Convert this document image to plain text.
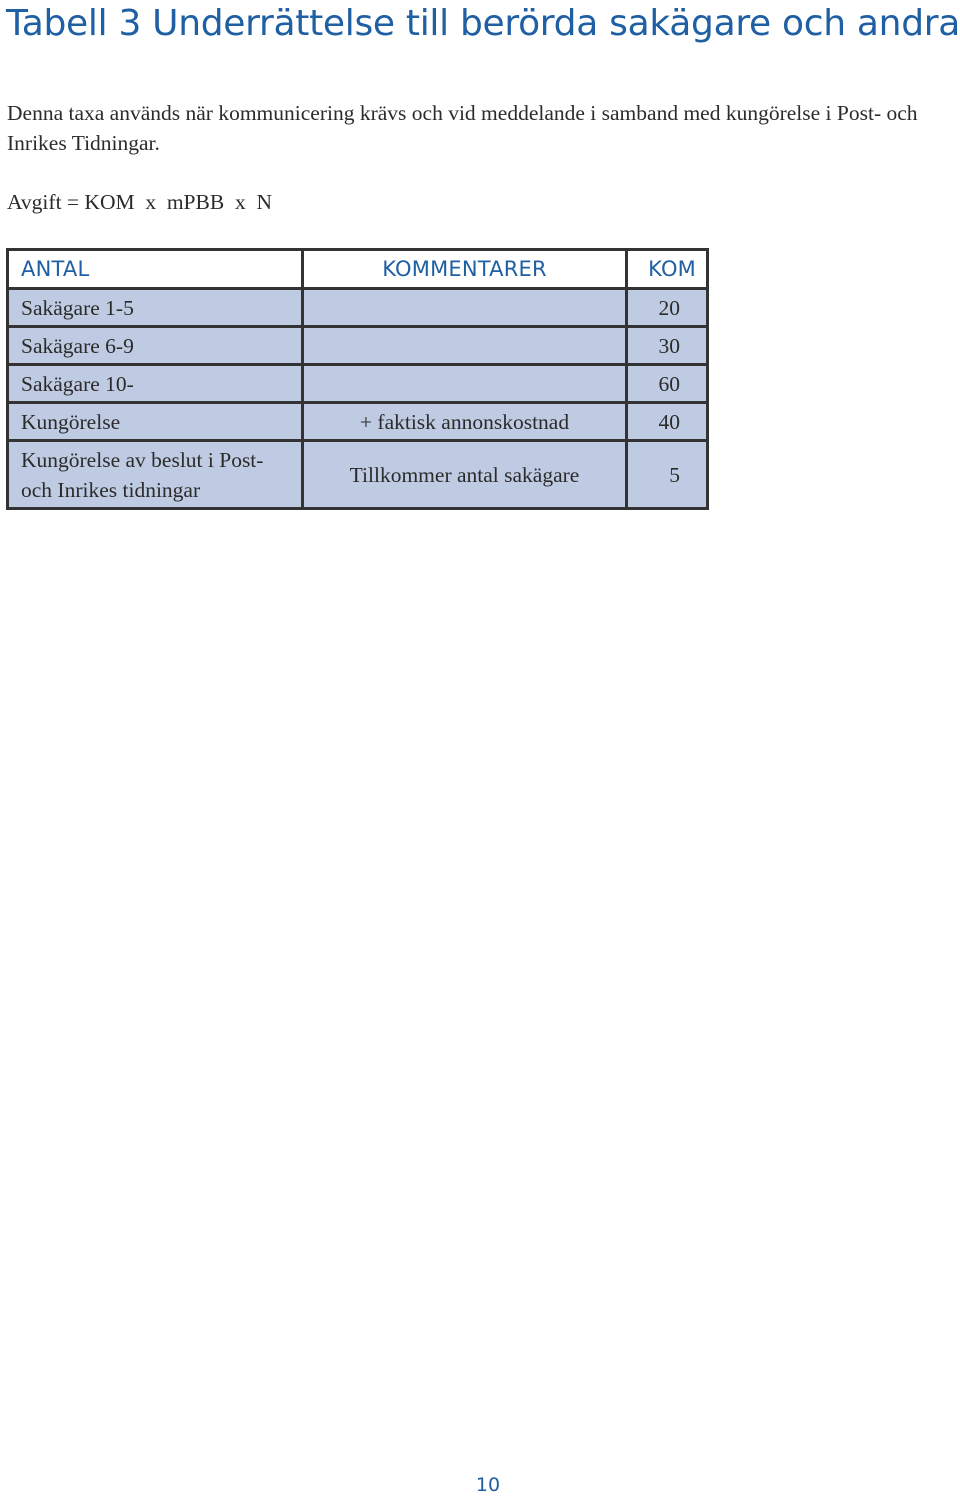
Tabell 3 Underrättelse till berörda sakägare och andra

Denna taxa används när kommunicering krävs och vid meddelande i samband med kungörelse i Post- och Inrikes Tidningar.

Avgift = KOM  x  mPBB  x  N

ANTAL	KOMMENTARER	KOM
Sakägare 1-5		20
Sakägare 6-9		30
Sakägare 10-		60
Kungörelse	+ faktisk annonskostnad	40
Kungörelse av beslut i Post- och Inrikes tidningar	Tillkommer antal sakägare	5

10
